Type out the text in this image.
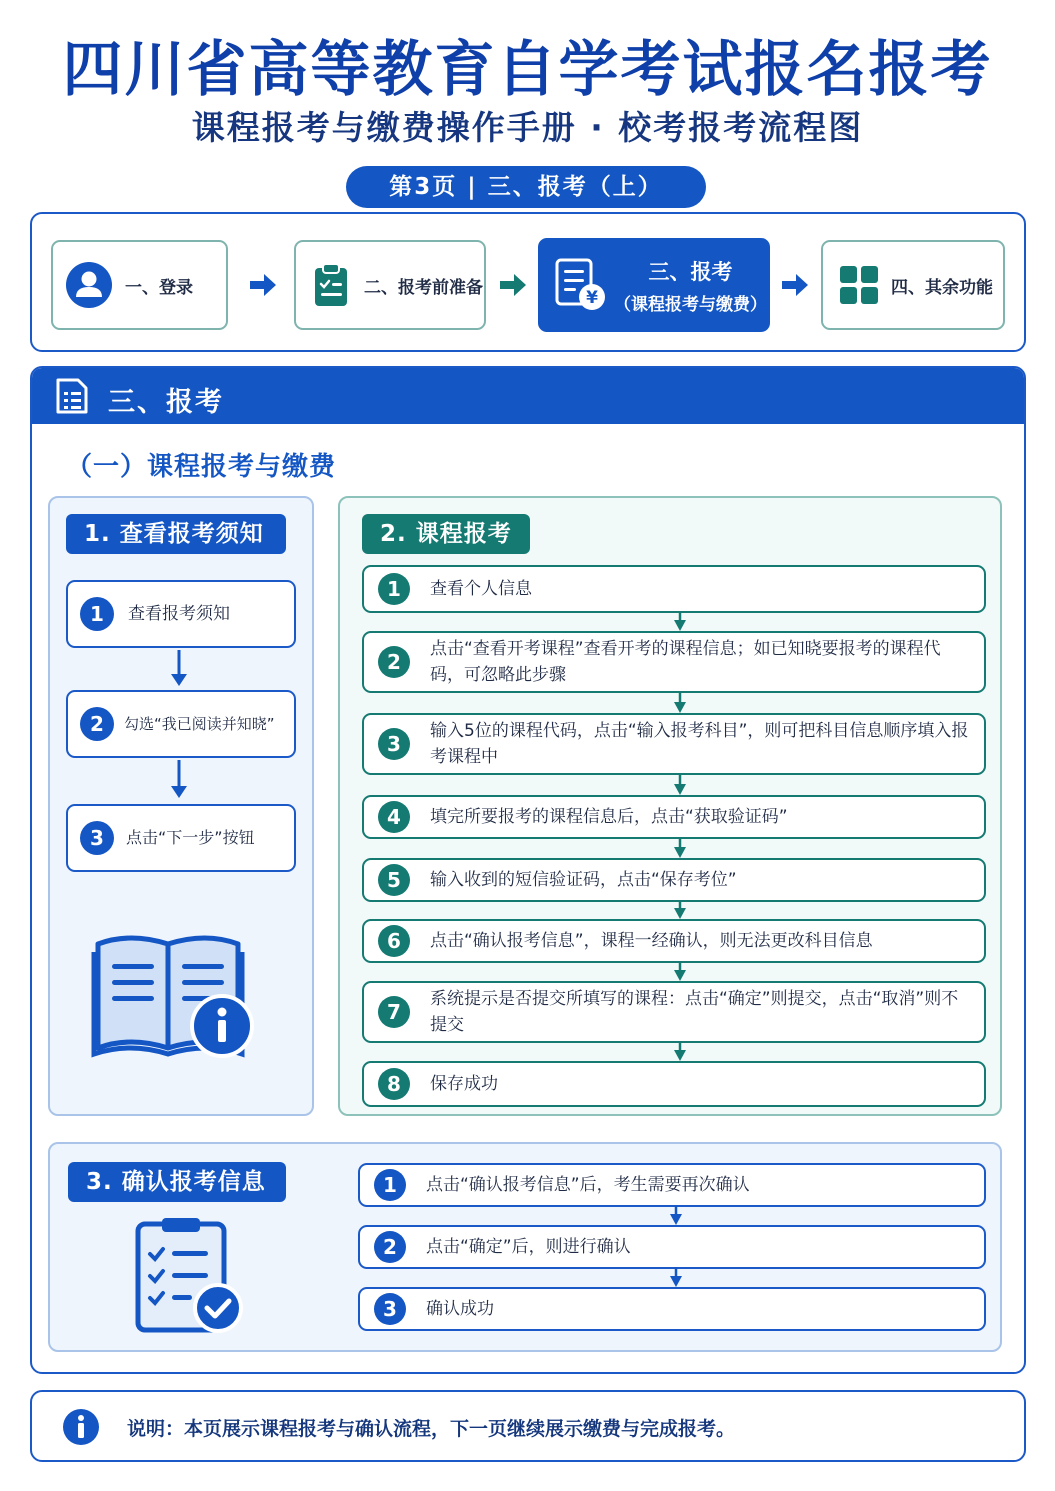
四川省高等教育自学考试报名报考
课程报考与缴费操作手册 · 校考报考流程图
第3页 | 三、报考（上）
一、登录	二、报考前准备
¥
三、报考
（课程报考与缴费）
四、其余功能
三、报考
（一）课程报考与缴费
1. 查看报考须知
1	查看报考须知
2	勾选“我已阅读并知晓”
3	点击“下一步”按钮
2. 课程报考
3. 确认报考信息
说明：本页展示课程报考与确认流程，下一页继续展示缴费与完成报考。
1	查看个人信息
2
点击“查看开考课程”查看开考的课程信息；如已知晓要报考的课程代码，可忽略此步骤
3
输入5位的课程代码，点击“输入报考科目”，则可把科目信息顺序填入报考课程中
4	填完所要报考的课程信息后，点击“获取验证码”
5	输入收到的短信验证码，点击“保存考位”
6	点击“确认报考信息”，课程一经确认，则无法更改科目信息
7
系统提示是否提交所填写的课程：点击“确定”则提交，点击“取消”则不提交
8	保存成功
1	点击“确认报考信息”后，考生需要再次确认
2	点击“确定”后，则进行确认
3	确认成功
